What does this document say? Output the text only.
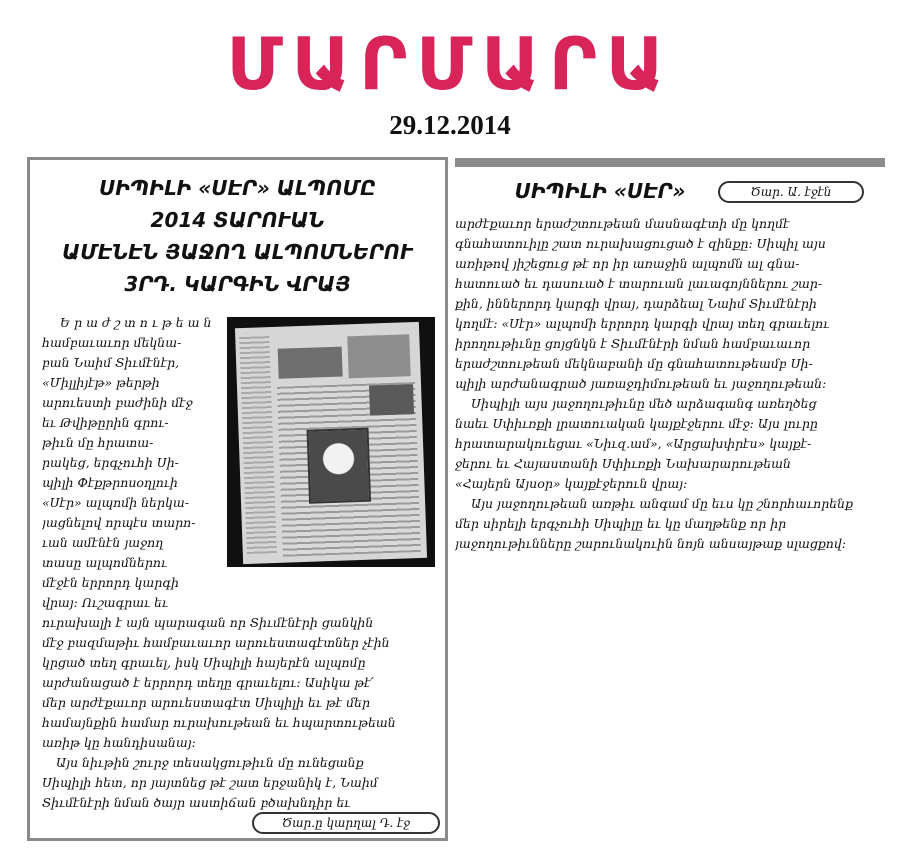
ՄԱՐՄԱՐԱ
29.12.2014
ՍԻՊԻԼԻ «ՍԷՐ» ԱԼՊՈՄԸ
2014 ՏԱՐՈՒԱՆ
ԱՄԷՆԷՆ ՅԱՋՈՂ ԱԼՊՈՄՆԵՐՈՒ
3ՐԴ. ԿԱՐԳԻՆ ՎՐԱՅ
Երաժշտութեան
համբաւաւոր մեկնա-
բան Նաիմ Տիւմէնէր,
«Միլլիյէթ» թերթի
արուեստի բաժինի մէջ
եւ Թվիթըրին գրու-
թիւն մը հրատա-
րակեց, երգչուհի Սի-
պիլի Փէքթրոսօղլուի
«Սէր» ալպոմի ներկա-
յացնելով որպէս տարո-
ւան ամէնէն յաջող
տասը ալպոմներու
մէջէն երրորդ կարգի
վրայ: Ուշագրաւ եւ
ուրախալի է այն պարագան որ Տիւմէնէրի ցանկին
մէջ բազմաթիւ համբաւաւոր արուեստագէտներ չէին
կրցած տեղ գրաւել, իսկ Սիպիլի հայերէն ալպոմը
արժանացած է երրորդ տեղը գրաւելու: Ասիկա թէ՛
մեր արժէքաւոր արուեստագէտ Սիպիլի եւ թէ մեր
համայնքին համար ուրախութեան եւ հպարտութեան
առիթ կը հանդիսանայ:
Այս նիւթին շուրջ տեսակցութիւն մը ունեցանք
Սիպիլի հետ, որ յայտնեց թէ շատ երջանիկ է, Նաիմ
Տիւմէնէրի նման ծայր աստիճան բծախնդիր եւ
Ծար.ը կարղալ Դ. էջ
ՍԻՊԻԼԻ «ՍԷՐ»	Ծար. Ա. էջէն
արժէքաւոր երաժշտութեան մասնագէտի մը կողմէ
գնահատուիլը շատ ուրախացուցած է զինքը: Սիպիլ այս
առիթով յիշեցուց թէ որ իր առաջին ալպոմն ալ գնա-
հատուած եւ դասուած է տարուան լաւագոյններու շար-
քին, իններորդ կարգի վրայ, դարձեալ Նաիմ Տիւմէնէրի
կողմէ: «Սէր» ալպոմի երրորդ կարգի վրայ տեղ գրաւելու
իրողութիւնը ցոյցնկն է Տիւմէնէրի նման համբաւաւոր
երաժշտութեան մեկնաբանի մը գնահատութեամբ Սի-
պիլի արժանագրած յառաջդիմութեան եւ յաջողութեան:
Սիպիլի այս յաջողութիւնը մեծ արձագանգ առեղծեց
նաեւ Սփիւռքի լրատուական կայքէջերու մէջ: Այս լուրը
հրատարակուեցաւ «Նիւզ.ամ», «Արցախփրէս» կայքէ-
ջերու եւ Հայաստանի Սփիւռքի Նախարարութեան
«Հայերն Այսօր» կայքէջերուն վրայ:
Այս յաջողութեան առթիւ անգամ մը եւս կը շնորհաւորենք
մեր սիրելի երգչուհի Սիպիլը եւ կը մաղթենք որ իր
յաջողութիւնները շարունակուին նոյն անսայթաք սլացքով:
